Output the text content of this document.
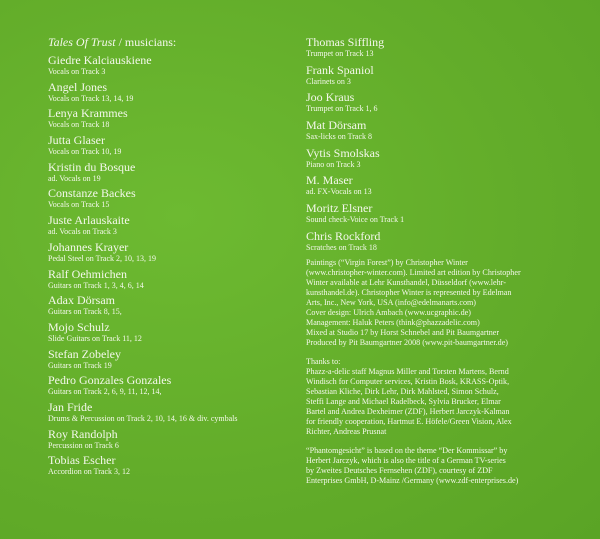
Tales Of Trust / musicians:
Giedre Kalciauskiene
Vocals on Track 3
Angel Jones
Vocals on Track 13, 14, 19
Lenya Krammes
Vocals on Track 18
Jutta Glaser
Vocals on Track 10, 19
Kristin du Bosque
ad. Vocals on 19
Constanze Backes
Vocals on Track 15
Juste Arlauskaite
ad. Vocals on Track 3
Johannes Krayer
Pedal Steel on Track 2, 10, 13, 19
Ralf Oehmichen
Guitars on Track 1, 3, 4, 6, 14
Adax Dörsam
Guitars on Track 8, 15,
Mojo Schulz
Slide Guitars on Track 11, 12
Stefan Zobeley
Guitars on Track 19
Pedro Gonzales Gonzales
Guitars on Track 2, 6, 9, 11, 12, 14,
Jan Fride
Drums & Percussion on Track 2, 10, 14, 16 & div. cymbals
Roy Randolph
Percussion on Track 6
Tobias Escher
Accordion on Track 3, 12
Thomas Siffling
Trumpet on Track 13
Frank Spaniol
Clarinets on 3
Joo Kraus
Trumpet on Track 1, 6
Mat Dörsam
Sax-licks on Track 8
Vytis Smolskas
Piano on Track 3
M. Maser
ad. FX-Vocals on 13
Moritz Elsner
Sound check-Voice on Track 1
Chris Rockford
Scratches on Track 18

Paintings (“Virgin Forest”) by Christopher Winter
(www.christopher-winter.com). Limited art edition by Christopher
Winter available at Lehr Kunsthandel, Düsseldorf (www.lehr-
kunsthandel.de). Christopher Winter is represented by Edelman
Arts, Inc., New York, USA (info@edelmanarts.com)
Cover design: Ulrich Ambach (www.ucgraphic.de)
Management: Haluk Peters (think@phazzadelic.com)
Mixed at Studio 17 by Horst Schnebel and Pit Baumgartner
Produced by Pit Baumgartner 2008 (www.pit-baumgartner.de)

Thanks to:
Phazz-a-delic staff Magnus Miller and Torsten Martens, Bernd
Windisch for Computer services, Kristin Bosk, KRASS-Optik,
Sebastian Kliche, Dirk Lehr, Dirk Mahlsted, Simon Schulz,
Steffi Lange and Michael Radelbeck, Sylvia Brucker, Elmar
Bartel and Andrea Dexheimer (ZDF), Herbert Jarczyk-Kalman
for friendly cooperation, Hartmut E. Höfele/Green Vision, Alex
Richter, Andreas Prusnat

“Phantomgesicht” is based on the theme “Der Kommissar” by
Herbert Jarczyk, which is also the title of a German TV-series
by Zweites Deutsches Fernsehen (ZDF), courtesy of ZDF
Enterprises GmbH, D-Mainz /Germany (www.zdf-enterprises.de)
